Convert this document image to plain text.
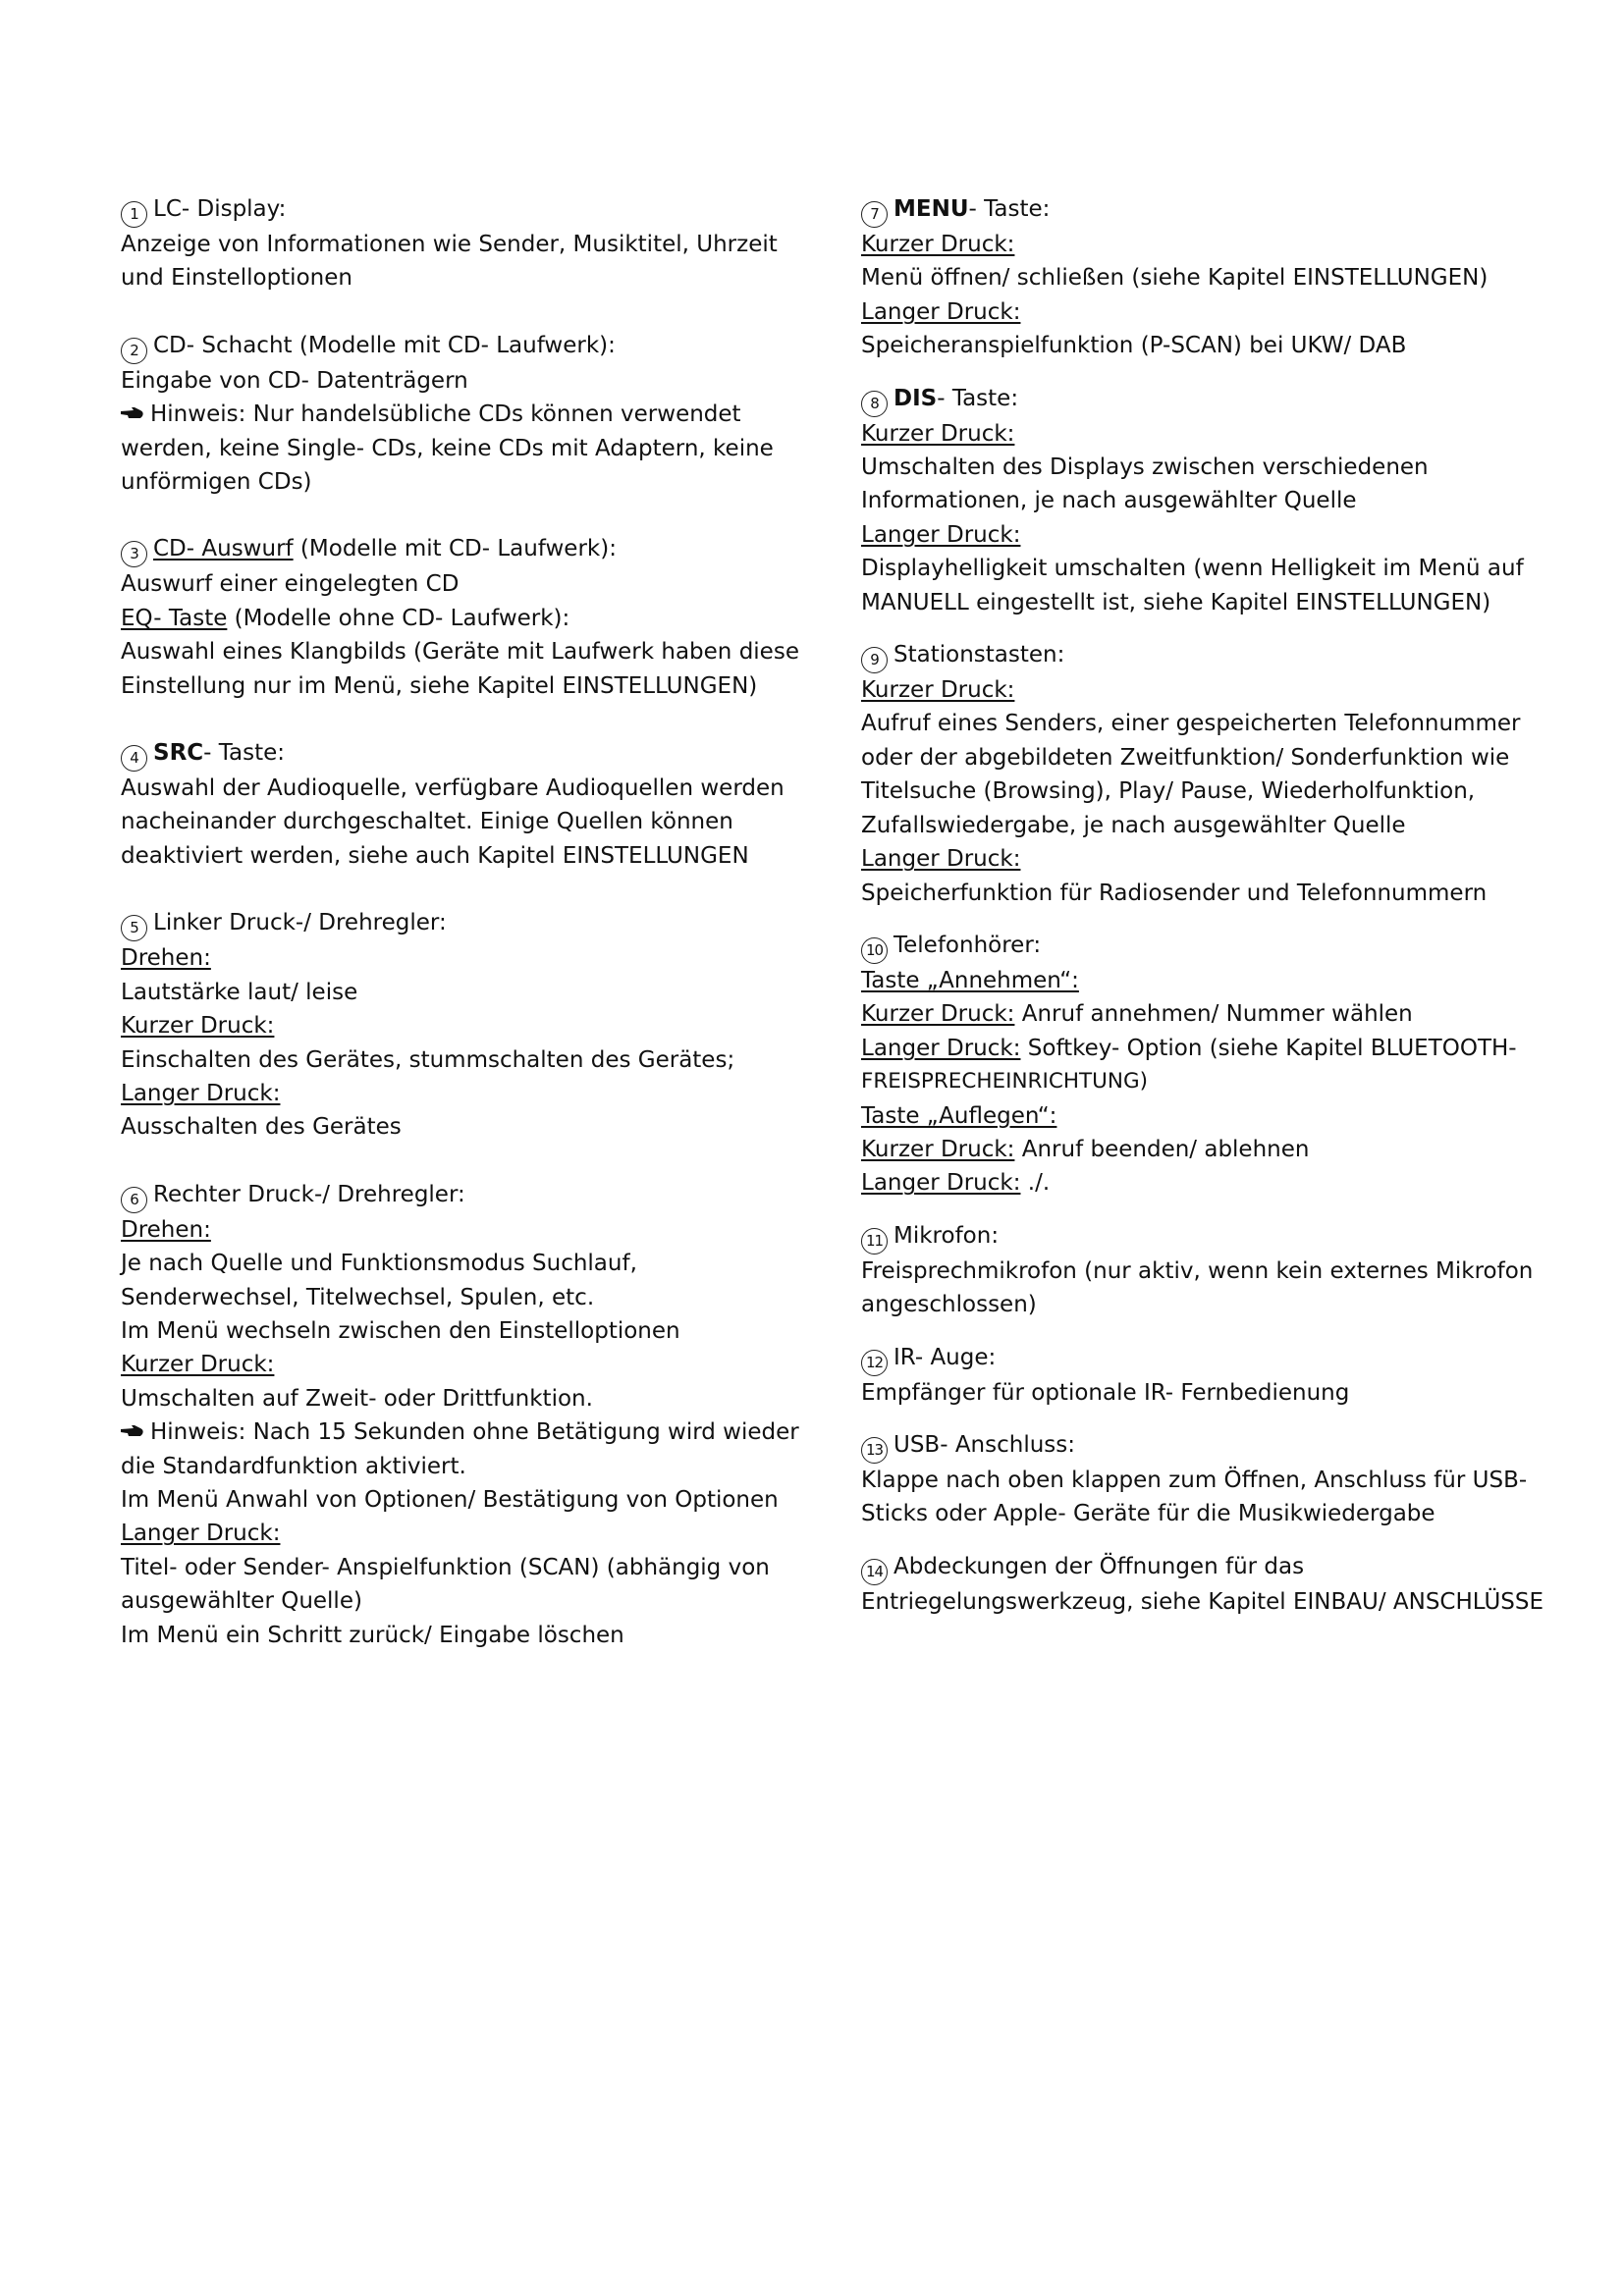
1 LC- Display:
Anzeige von Informationen wie Sender, Musiktitel, Uhrzeit
und Einstelloptionen
2 CD- Schacht (Modelle mit CD- Laufwerk):
Eingabe von CD- Datenträgern
Hinweis: Nur handelsübliche CDs können verwendet
werden, keine Single- CDs, keine CDs mit Adaptern, keine
unförmigen CDs)
3 CD- Auswurf (Modelle mit CD- Laufwerk):
Auswurf einer eingelegten CD
EQ- Taste (Modelle ohne CD- Laufwerk):
Auswahl eines Klangbilds (Geräte mit Laufwerk haben diese
Einstellung nur im Menü, siehe Kapitel EINSTELLUNGEN)
4 SRC- Taste:
Auswahl der Audioquelle, verfügbare Audioquellen werden
nacheinander durchgeschaltet. Einige Quellen können
deaktiviert werden, siehe auch Kapitel EINSTELLUNGEN
5 Linker Druck-/ Drehregler:
Drehen:
Lautstärke laut/ leise
Kurzer Druck:
Einschalten des Gerätes, stummschalten des Gerätes;
Langer Druck:
Ausschalten des Gerätes
6 Rechter Druck-/ Drehregler:
Drehen:
Je nach Quelle und Funktionsmodus Suchlauf,
Senderwechsel, Titelwechsel, Spulen, etc.
Im Menü wechseln zwischen den Einstelloptionen
Kurzer Druck:
Umschalten auf Zweit- oder Drittfunktion.
Hinweis: Nach 15 Sekunden ohne Betätigung wird wieder
die Standardfunktion aktiviert.
Im Menü Anwahl von Optionen/ Bestätigung von Optionen
Langer Druck:
Titel- oder Sender- Anspielfunktion (SCAN) (abhängig von
ausgewählter Quelle)
Im Menü ein Schritt zurück/ Eingabe löschen
7 MENU- Taste:
Kurzer Druck:
Menü öffnen/ schließen (siehe Kapitel EINSTELLUNGEN)
Langer Druck:
Speicheranspielfunktion (P-SCAN) bei UKW/ DAB
8 DIS- Taste:
Kurzer Druck:
Umschalten des Displays zwischen verschiedenen
Informationen, je nach ausgewählter Quelle
Langer Druck:
Displayhelligkeit umschalten (wenn Helligkeit im Menü auf
MANUELL eingestellt ist, siehe Kapitel EINSTELLUNGEN)
9 Stationstasten:
Kurzer Druck:
Aufruf eines Senders, einer gespeicherten Telefonnummer
oder der abgebildeten Zweitfunktion/ Sonderfunktion wie
Titelsuche (Browsing), Play/ Pause, Wiederholfunktion,
Zufallswiedergabe, je nach ausgewählter Quelle
Langer Druck:
Speicherfunktion für Radiosender und Telefonnummern
10 Telefonhörer:
Taste „Annehmen“:
Kurzer Druck: Anruf annehmen/ Nummer wählen
Langer Druck: Softkey- Option (siehe Kapitel BLUETOOTH-
FREISPRECHEINRICHTUNG)
Taste „Auflegen“:
Kurzer Druck: Anruf beenden/ ablehnen
Langer Druck: ./.
11 Mikrofon:
Freisprechmikrofon (nur aktiv, wenn kein externes Mikrofon
angeschlossen)
12 IR- Auge:
Empfänger für optionale IR- Fernbedienung
13 USB- Anschluss:
Klappe nach oben klappen zum Öffnen, Anschluss für USB-
Sticks oder Apple- Geräte für die Musikwiedergabe
14 Abdeckungen der Öffnungen für das
Entriegelungswerkzeug, siehe Kapitel EINBAU/ ANSCHLÜSSE
